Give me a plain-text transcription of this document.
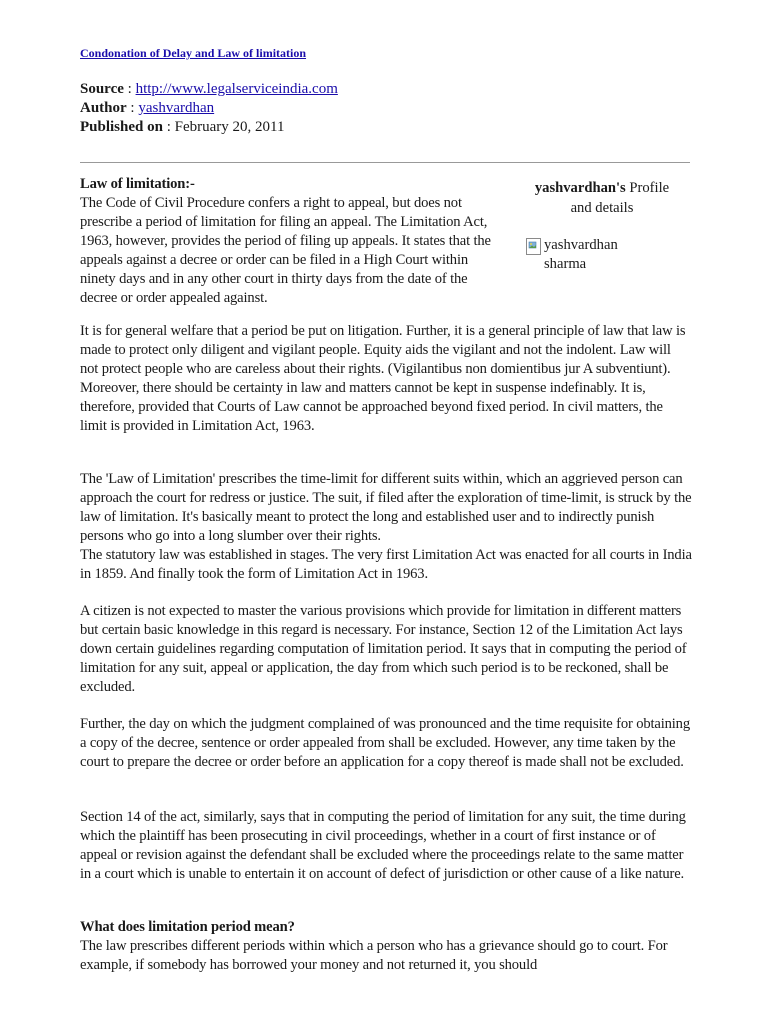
Condonation of Delay and Law of limitation
Source : http://www.legalserviceindia.com
Author : yashvardhan
Published on : February 20, 2011
yashvardhan's Profile
and details
yashvardhan
sharma

Law of limitation:-
The Code of Civil Procedure confers a right to appeal, but does not prescribe a period of limitation for filing an appeal. The Limitation Act, 1963, however, provides the period of filing up appeals. It states that the appeals against a decree or order can be filed in a High Court within ninety days and in any other court in thirty days from the date of the decree or order appealed against.

It is for general welfare that a period be put on litigation. Further, it is a general principle of law that law is made to protect only diligent and vigilant people. Equity aids the vigilant and not the indolent. Law will not protect people who are careless about their rights. (Vigilantibus non domientibus jur A subventiunt). Moreover, there should be certainty in law and matters cannot be kept in suspense indefinably. It is, therefore, provided that Courts of Law cannot be approached beyond fixed period. In civil matters, the limit is provided in Limitation Act, 1963.

The 'Law of Limitation' prescribes the time-limit for different suits within, which an aggrieved person can approach the court for redress or justice. The suit, if filed after the exploration of time-limit, is struck by the law of limitation. It's basically meant to protect the long and established user and to indirectly punish persons who go into a long slumber over their rights.

The statutory law was established in stages. The very first Limitation Act was enacted for all courts in India in 1859. And finally took the form of Limitation Act in 1963.

A citizen is not expected to master the various provisions which provide for limitation in different matters but certain basic knowledge in this regard is necessary. For instance, Section 12 of the Limitation Act lays down certain guidelines regarding computation of limitation period. It says that in computing the period of limitation for any suit, appeal or application, the day from which such period is to be reckoned, shall be excluded.

Further, the day on which the judgment complained of was pronounced and the time requisite for obtaining a copy of the decree, sentence or order appealed from shall be excluded. However, any time taken by the court to prepare the decree or order before an application for a copy thereof is made shall not be excluded.

Section 14 of the act, similarly, says that in computing the period of limitation for any suit, the time during which the plaintiff has been prosecuting in civil proceedings, whether in a court of first instance or of appeal or revision against the defendant shall be excluded where the proceedings relate to the same matter in a court which is unable to entertain it on account of defect of jurisdiction or other cause of a like nature.

What does limitation period mean?
The law prescribes different periods within which a person who has a grievance should go to court. For example, if somebody has borrowed your money and not returned it, you should
